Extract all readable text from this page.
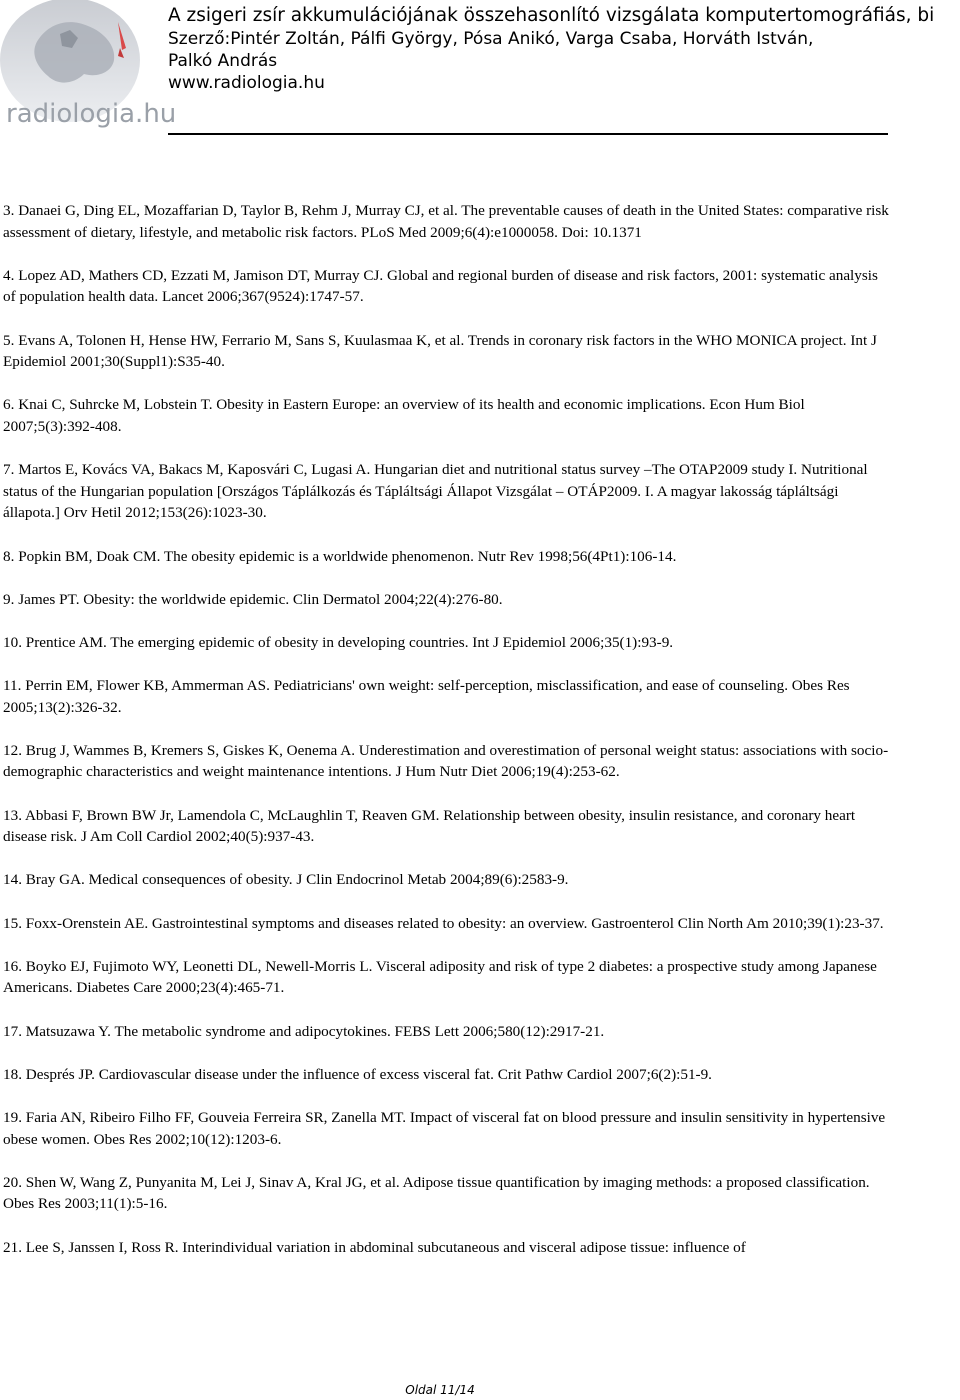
radiologia.hu
A zsigeri zsír akkumulációjának összehasonlító vizsgálata komputertomográfiás, bi
Szerző:Pintér Zoltán, Pálfi György, Pósa Anikó, Varga Csaba, Horváth István,
Palkó András
www.radiologia.hu

3. Danaei G, Ding EL, Mozaffarian D, Taylor B, Rehm J, Murray CJ, et al. The preventable causes of death in the United States: comparative risk assessment of dietary, lifestyle, and metabolic risk factors. PLoS Med 2009;6(4):e1000058. Doi: 10.1371

4. Lopez AD, Mathers CD, Ezzati M, Jamison DT, Murray CJ. Global and regional burden of disease and risk factors, 2001: systematic analysis of population health data. Lancet 2006;367(9524):1747-57.

5. Evans A, Tolonen H, Hense HW, Ferrario M, Sans S, Kuulasmaa K, et al. Trends in coronary risk factors in the WHO MONICA project. Int J Epidemiol 2001;30(Suppl1):S35-40.

6. Knai C, Suhrcke M, Lobstein T. Obesity in Eastern Europe: an overview of its health and economic implications. Econ Hum Biol 2007;5(3):392-408.

7. Martos E, Kovács VA, Bakacs M, Kaposvári C, Lugasi A. Hungarian diet and nutritional status survey –The OTAP2009 study I. Nutritional status of the Hungarian population [Országos Táplálkozás és Tápláltsági Állapot Vizsgálat – OTÁP2009. I. A magyar lakosság tápláltsági állapota.] Orv Hetil 2012;153(26):1023-30.

8. Popkin BM, Doak CM. The obesity epidemic is a worldwide phenomenon. Nutr Rev 1998;56(4Pt1):106-14.

9. James PT. Obesity: the worldwide epidemic. Clin Dermatol 2004;22(4):276-80.

10. Prentice AM. The emerging epidemic of obesity in developing countries. Int J Epidemiol 2006;35(1):93-9.

11. Perrin EM, Flower KB, Ammerman AS. Pediatricians' own weight: self-perception, misclassification, and ease of counseling. Obes Res 2005;13(2):326-32.

12. Brug J, Wammes B, Kremers S, Giskes K, Oenema A. Underestimation and overestimation of personal weight status: associations with socio-demographic characteristics and weight maintenance intentions. J Hum Nutr Diet 2006;19(4):253-62.

13. Abbasi F, Brown BW Jr, Lamendola C, McLaughlin T, Reaven GM. Relationship between obesity, insulin resistance, and coronary heart disease risk. J Am Coll Cardiol 2002;40(5):937-43.

14. Bray GA. Medical consequences of obesity. J Clin Endocrinol Metab 2004;89(6):2583-9.

15. Foxx-Orenstein AE. Gastrointestinal symptoms and diseases related to obesity: an overview. Gastroenterol Clin North Am 2010;39(1):23-37.

16. Boyko EJ, Fujimoto WY, Leonetti DL, Newell-Morris L. Visceral adiposity and risk of type 2 diabetes: a prospective study among Japanese Americans. Diabetes Care 2000;23(4):465-71.

17. Matsuzawa Y. The metabolic syndrome and adipocytokines. FEBS Lett 2006;580(12):2917-21.

18. Després JP. Cardiovascular disease under the influence of excess visceral fat. Crit Pathw Cardiol 2007;6(2):51-9.

19. Faria AN, Ribeiro Filho FF, Gouveia Ferreira SR, Zanella MT. Impact of visceral fat on blood pressure and insulin sensitivity in hypertensive obese women. Obes Res 2002;10(12):1203-6.

20. Shen W, Wang Z, Punyanita M, Lei J, Sinav A, Kral JG, et al. Adipose tissue quantification by imaging methods: a proposed classification. Obes Res 2003;11(1):5-16.

21. Lee S, Janssen I, Ross R. Interindividual variation in abdominal subcutaneous and visceral adipose tissue: influence of

Oldal 11/14
